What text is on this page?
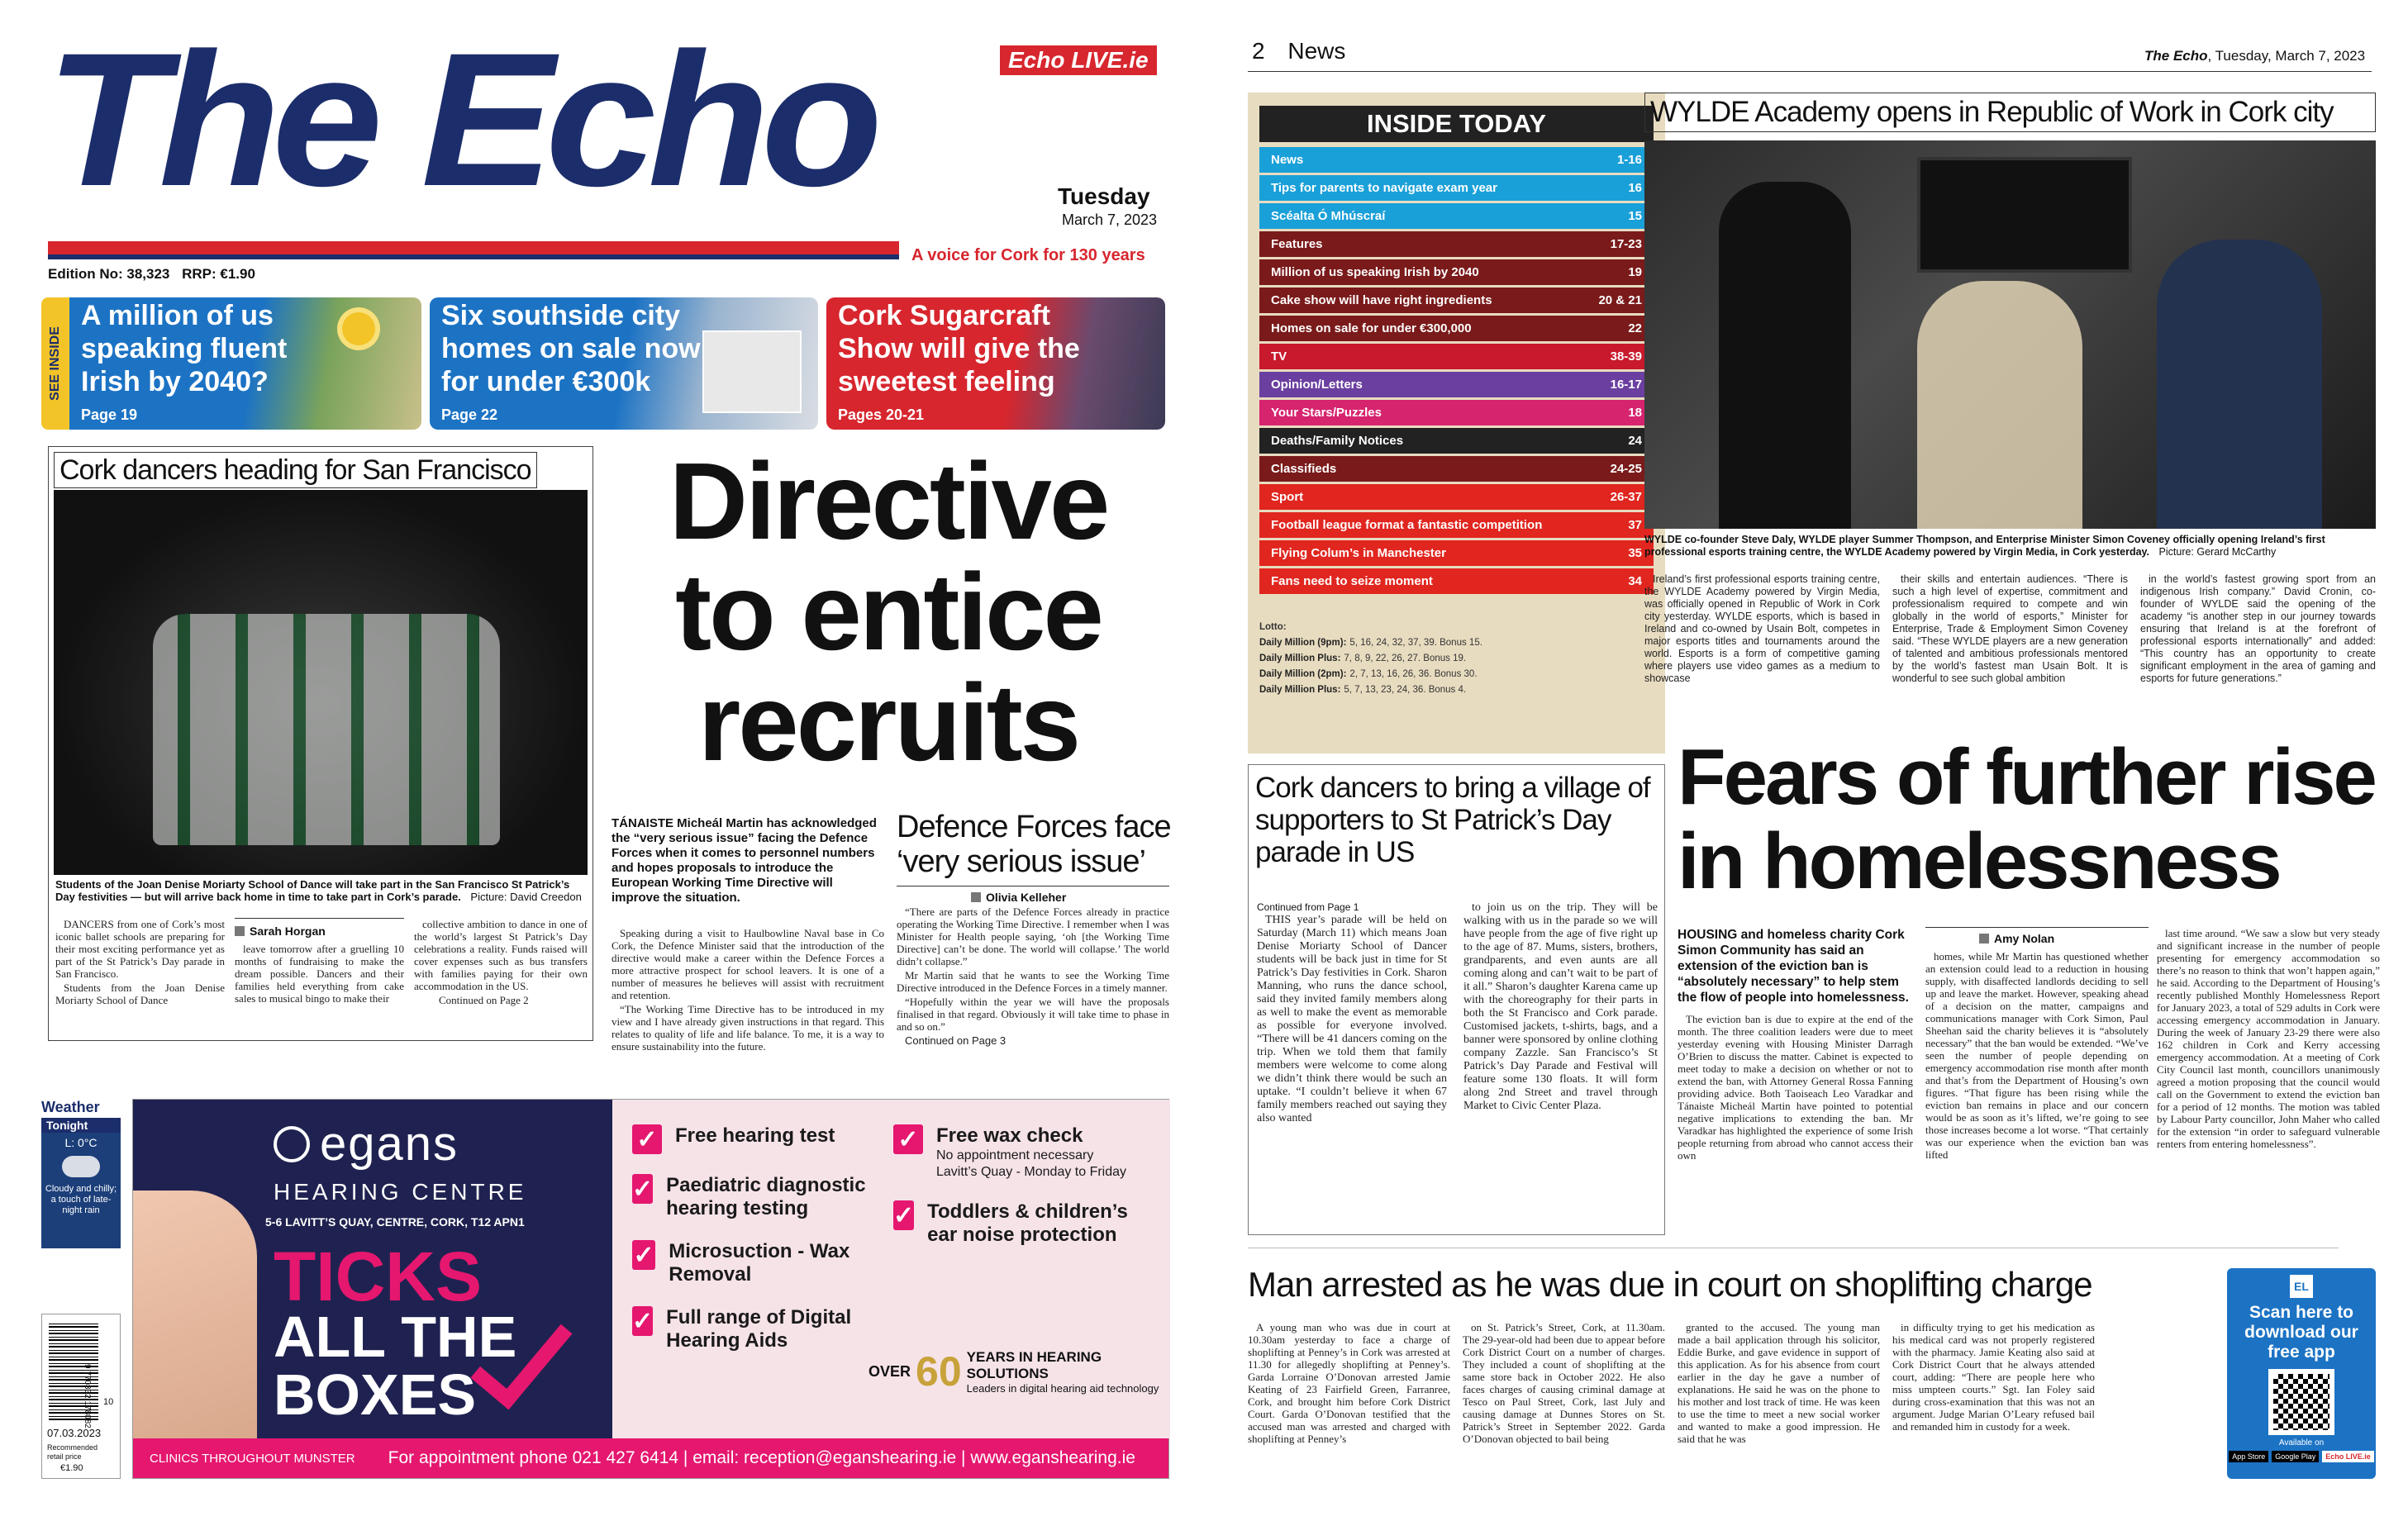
The Echo	Echo LIVE.ie
Tuesday
March 7, 2023
A voice for Cork for 130 years
Edition No: 38,323 RRP: €1.90
SEE INSIDE
A million of us speaking fluent Irish by 2040?
Page 19
Six southside city homes on sale now for under €300k
Page 22
Cork Sugarcraft Show will give the sweetest feeling
Pages 20-21
Cork dancers heading for San Francisco
Students of the Joan Denise Moriarty School of Dance will take part in the San Francisco St Patrick’s Day festivities — but will arrive back home in time to take part in Cork’s parade. Picture: David Creedon

DANCERS from one of Cork’s most iconic ballet schools are preparing for their most exciting performance yet as part of the St Patrick’s Day parade in San Francisco.

Students from the Joan Denise Moriarty School of Dance

Sarah Horgan

leave tomorrow after a gruelling 10 months of fundraising to make the dream possible. Dancers and their families held everything from cake sales to musical bingo to make their

collective ambition to dance in one of the world’s largest St Patrick’s Day celebrations a reality. Funds raised will cover expenses such as bus transfers with families paying for their own accommodation in the US.

Continued on Page 2

Directive to entice recruits
TÁNAISTE Micheál Martin has acknowledged the “very serious issue” facing the Defence Forces when it comes to personnel numbers and hopes proposals to introduce the European Working Time Directive will improve the situation.
Defence Forces face ‘very serious issue’
Olivia Kelleher

Speaking during a visit to Haulbowline Naval base in Co Cork, the Defence Minister said that the introduction of the directive would make a career within the Defence Forces a more attractive prospect for school leavers. It is one of a number of measures he believes will assist with recruitment and retention.

“The Working Time Directive has to be introduced in my view and I have already given instructions in that regard. This relates to quality of life and life balance. To me, it is a way to ensure sustainability into the future.

“There are parts of the Defence Forces already in practice operating the Working Time Directive. I remember when I was Minister for Health people saying, ‘oh [the Working Time Directive] can’t be done. The world will collapse.’ The world didn’t collapse.”

Mr Martin said that he wants to see the Working Time Directive introduced in the Defence Forces in a timely manner.

“Hopefully within the year we will have the proposals finalised in that regard. Obviously it will take time to phase in and so on.”

Continued on Page 3

Weather
Tonight
L: 0°C
Cloudy and chilly; a touch of late-night rain
9 770332 178082 10
07.03.2023
Recommended retail price
€1.90
egans
HEARING CENTRE
5-6 LAVITT’S QUAY, CENTRE, CORK, T12 APN1
TICKS
ALL THE
BOXES
✓ Free hearing test
✓ Paediatric diagnostic hearing testing
✓ Microsuction - Wax Removal
✓ Full range of Digital Hearing Aids
✓ Free wax check
No appointment necessary
Lavitt’s Quay - Monday to Friday
✓ Toddlers & children’s ear noise protection
OVER 60 YEARS IN HEARING SOLUTIONS
Leaders in digital hearing aid technology
CLINICS THROUGHOUT MUNSTER For appointment phone 021 427 6414 | email: reception@eganshearing.ie | www.eganshearing.ie
2 News	The Echo, Tuesday, March 7, 2023
INSIDE TODAY
News	1-16
Tips for parents to navigate exam year	16
Scéalta Ó Mhúscraí	15
Features	17-23
Million of us speaking Irish by 2040	19
Cake show will have right ingredients	20 & 21
Homes on sale for under €300,000	22
TV	38-39
Opinion/Letters	16-17
Your Stars/Puzzles	18
Deaths/Family Notices	24
Classifieds	24-25
Sport	26-37
Football league format a fantastic competition	37
Flying Colum’s in Manchester	35
Fans need to seize moment	34
Lotto:
Daily Million (9pm): 5, 16, 24, 32, 37, 39. Bonus 15.
Daily Million Plus: 7, 8, 9, 22, 26, 27. Bonus 19.
Daily Million (2pm): 2, 7, 13, 16, 26, 36. Bonus 30.
Daily Million Plus: 5, 7, 13, 23, 24, 36. Bonus 4.
WYLDE Academy opens in Republic of Work in Cork city
WYLDE co-founder Steve Daly, WYLDE player Summer Thompson, and Enterprise Minister Simon Coveney officially opening Ireland’s first professional esports training centre, the WYLDE Academy powered by Virgin Media, in Cork yesterday. Picture: Gerard McCarthy

Ireland’s first professional esports training centre, the WYLDE Academy powered by Virgin Media, was officially opened in Republic of Work in Cork city yesterday. WYLDE esports, which is based in Ireland and co-owned by Usain Bolt, competes in major esports titles and tournaments around the world. Esports is a form of competitive gaming where players use video games as a medium to showcase

their skills and entertain audiences. “There is such a high level of expertise, commitment and professionalism required to compete and win globally in the world of esports,” Minister for Enterprise, Trade & Employment Simon Coveney said. “These WYLDE players are a new generation of talented and ambitious professionals mentored by the world’s fastest man Usain Bolt. It is wonderful to see such global ambition

in the world’s fastest growing sport from an indigenous Irish company.” David Cronin, co-founder of WYLDE said the opening of the academy “is another step in our journey towards ensuring that Ireland is at the forefront of professional esports internationally” and added: “This country has an opportunity to create significant employment in the area of gaming and esports for future generations.”

Cork dancers to bring a village of supporters to St Patrick’s Day parade in US
Continued from Page 1

THIS year’s parade will be held on Saturday (March 11) which means Joan Denise Moriarty School of Dancer students will be back just in time for St Patrick’s Day festivities in Cork. Sharon Manning, who runs the dance school, said they invited family members along as well to make the event as memorable as possible for everyone involved. “There will be 41 dancers coming on the trip. When we told them that family members were welcome to come along we didn’t think there would be such an uptake. “I couldn’t believe it when 67 family members reached out saying they also wanted

to join us on the trip. They will be walking with us in the parade so we will have people from the age of five right up to the age of 87. Mums, sisters, brothers, grandparents, and even aunts are all coming along and can’t wait to be part of it all.” Sharon’s daughter Karena came up with the choreography for their parts in both the St Francisco and Cork parade. Customised jackets, t-shirts, bags, and a banner were sponsored by online clothing company Zazzle. San Francisco’s St Patrick’s Day Parade and Festival will feature some 130 floats. It will form along 2nd Street and travel through Market to Civic Center Plaza.

Fears of further rise in homelessness
HOUSING and homeless charity Cork Simon Community has said an extension of the eviction ban is “absolutely necessary” to help stem the flow of people into homelessness.

The eviction ban is due to expire at the end of the month. The three coalition leaders were due to meet yesterday evening with Housing Minister Darragh O’Brien to discuss the matter. Cabinet is expected to meet today to make a decision on whether or not to extend the ban, with Attorney General Rossa Fanning providing advice. Both Taoiseach Leo Varadkar and Tánaiste Micheál Martin have pointed to potential negative implications to extending the ban. Mr Varadkar has highlighted the experience of some Irish people returning from abroad who cannot access their own

Amy Nolan

homes, while Mr Martin has questioned whether an extension could lead to a reduction in housing supply, with disaffected landlords deciding to sell up and leave the market. However, speaking ahead of a decision on the matter, campaigns and communications manager with Cork Simon, Paul Sheehan said the charity believes it is “absolutely necessary” that the ban would be extended. “We’ve seen the number of people depending on emergency accommodation rise month after month and that’s from the Department of Housing’s own figures. “That figure has been rising while the eviction ban remains in place and our concern would be as soon as it’s lifted, we’re going to see those increases become a lot worse. “That certainly was our experience when the eviction ban was lifted

last time around. “We saw a slow but very steady and significant increase in the number of people presenting for emergency accommodation so there’s no reason to think that won’t happen again,” he said. According to the Department of Housing’s recently published Monthly Homelessness Report for January 2023, a total of 529 adults in Cork were accessing emergency accommodation in January. During the week of January 23-29 there were also 162 children in Cork and Kerry accessing emergency accommodation. At a meeting of Cork City Council last month, councillors unanimously agreed a motion proposing that the council would call on the Government to extend the eviction ban for a period of 12 months. The motion was tabled by Labour Party councillor, John Maher who called for the extension “in order to safeguard vulnerable renters from entering homelessness”.

Man arrested as he was due in court on shoplifting charge

A young man who was due in court at 10.30am yesterday to face a charge of shoplifting at Penney’s in Cork was arrested at 11.30 for allegedly shoplifting at Penney’s. Garda Lorraine O’Donovan arrested Jamie Keating of 23 Fairfield Green, Farranree, Cork, and brought him before Cork District Court. Garda O’Donovan testified that the accused man was arrested and charged with shoplifting at Penney’s

on St. Patrick’s Street, Cork, at 11.30am. The 29-year-old had been due to appear before Cork District Court on a number of charges. They included a count of shoplifting at the same store back in October 2022. He also faces charges of causing criminal damage at Tesco on Paul Street, Cork, last July and causing damage at Dunnes Stores on St. Patrick’s Street in September 2022. Garda O’Donovan objected to bail being

granted to the accused. The young man made a bail application through his solicitor, Eddie Burke, and gave evidence in support of this application. As for his absence from court earlier in the day he gave a number of explanations. He said he was on the phone to his mother and lost track of time. He was keen to use the time to meet a new social worker and wanted to make a good impression. He said that he was

in difficulty trying to get his medication as his medical card was not properly registered with the pharmacy. Jamie Keating also said at Cork District Court that he always attended court, adding: “There are people here who miss umpteen courts.” Sgt. Ian Foley said during cross-examination that this was not an argument. Judge Marian O’Leary refused bail and remanded him in custody for a week.

EL
Scan here to download our free app
Available on
App Store	Google Play	Echo LIVE.ie
